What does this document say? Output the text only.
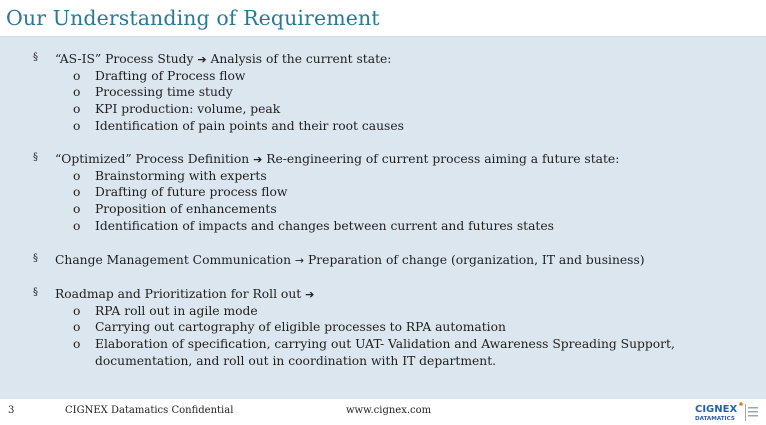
Our Understanding of Requirement
§ “AS-IS” Process Study ➔ Analysis of the current state:
o Drafting of Process flow
o Processing time study
o KPI production: volume, peak
o Identification of pain points and their root causes
§ “Optimized” Process Definition ➔ Re-engineering of current process aiming a future state:
o Brainstorming with experts
o Drafting of future process flow
o Proposition of enhancements
o Identification of impacts and changes between current and futures states
§ Change Management Communication → Preparation of change (organization, IT and business)
§ Roadmap and Prioritization for Roll out ➔
o RPA roll out in agile mode
o Carrying out cartography of eligible processes to RPA automation
o Elaboration of specification, carrying out UAT- Validation and Awareness Spreading Support,
documentation, and roll out in coordination with IT department.
3	CIGNEX Datamatics Confidential	www.cignex.com	CIGNEX
DATAMATICS
